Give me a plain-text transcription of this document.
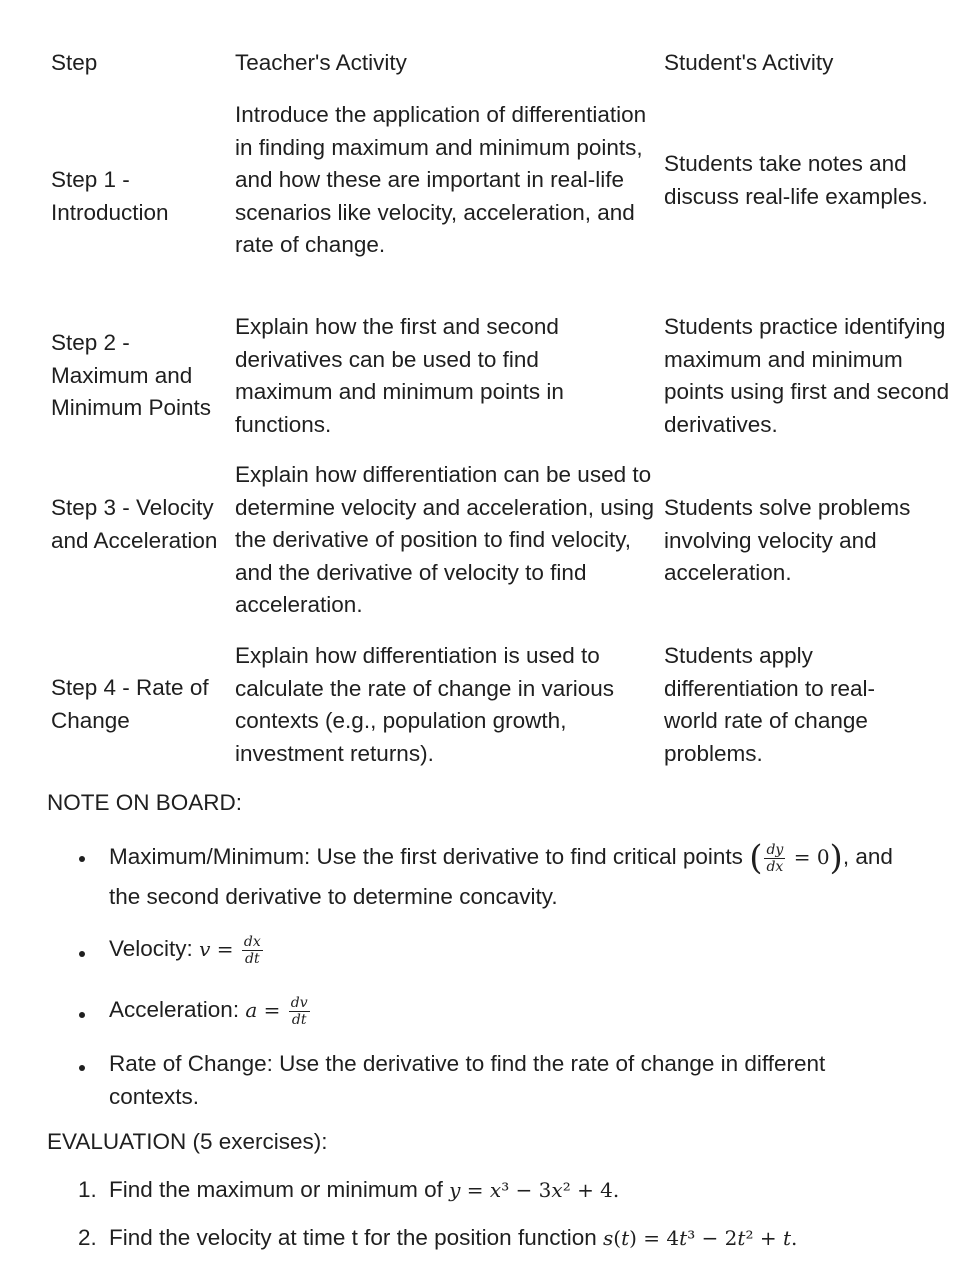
Step	Teacher's Activity	Student's Activity
Step 1 - Introduction
Introduce the application of differentiation in finding maximum and minimum points, and how these are important in real-life scenarios like velocity, acceleration, and rate of change.
Students take notes and discuss real-life examples.
Step 2 - Maximum and Minimum Points
Explain how the first and second derivatives can be used to find maximum and minimum points in functions.
Students practice identifying maximum and minimum points using first and second derivatives.
Step 3 - Velocity and Acceleration
Explain how differentiation can be used to determine velocity and acceleration, using the derivative of position to find velocity, and the derivative of velocity to find acceleration.
Students solve problems involving velocity and acceleration.
Step 4 - Rate of Change
Explain how differentiation is used to calculate the rate of change in various contexts (e.g., population growth, investment returns).
Students apply differentiation to real-world rate of change problems.
NOTE ON BOARD:
Maximum/Minimum: Use the first derivative to find critical points ( $\frac{dy}{dx} = 0$), and
the second derivative to determine concavity.
Velocity: $v = \frac{dx}{dt}$
Acceleration: $a = \frac{dv}{dt}$
Rate of Change: Use the derivative to find the rate of change in different contexts.
EVALUATION (5 exercises):
1. Find the maximum or minimum of y = x³ − 3x² + 4.
2. Find the velocity at time t for the position function s(t) = 4t³ − 2t² + t.
